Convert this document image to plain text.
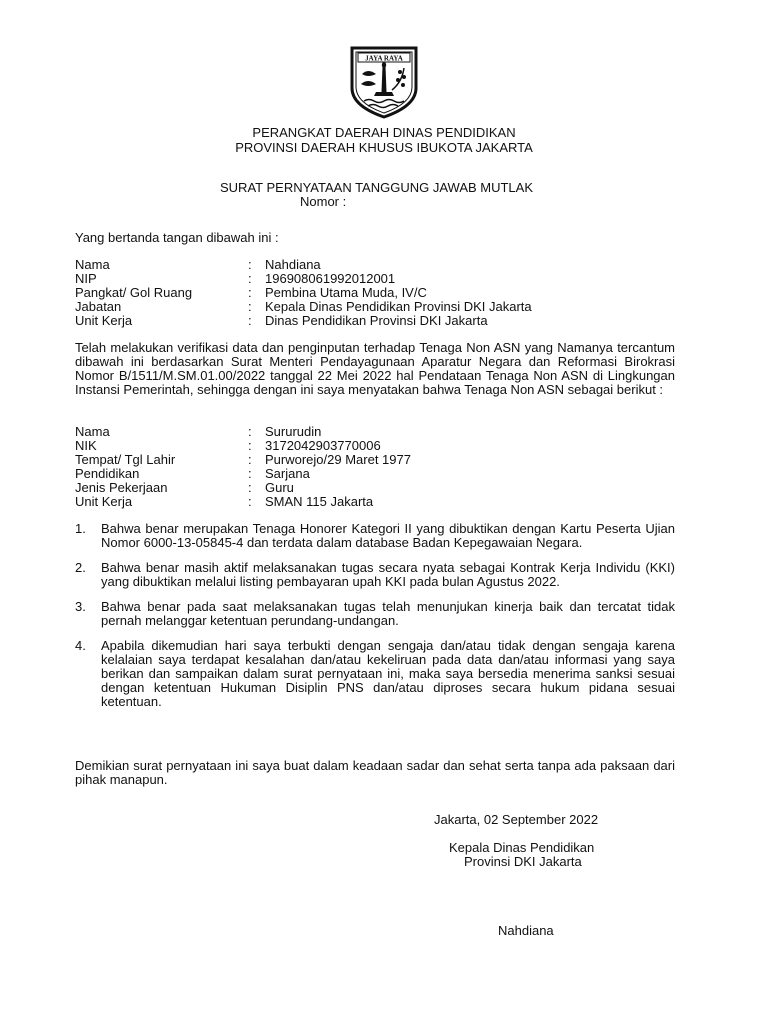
JAYA RAYA
PERANGKAT DAERAH DINAS PENDIDIKAN
PROVINSI DAERAH KHUSUS IBUKOTA JAKARTA
SURAT PERNYATAAN TANGGUNG JAWAB MUTLAK
Nomor :
Yang bertanda tangan dibawah ini :
Nama	:	Nahdiana
NIP	:	196908061992012001
Pangkat/ Gol Ruang	:	Pembina Utama Muda, IV/C
Jabatan	:	Kepala Dinas Pendidikan Provinsi DKI Jakarta
Unit Kerja	:	Dinas Pendidikan Provinsi DKI Jakarta
Telah melakukan verifikasi data dan penginputan terhadap Tenaga Non ASN yang Namanya tercantum dibawah ini berdasarkan Surat Menteri Pendayagunaan Aparatur Negara dan Reformasi Birokrasi Nomor B/1511/M.SM.01.00/2022 tanggal 22 Mei 2022 hal Pendataan Tenaga Non ASN di Lingkungan Instansi Pemerintah, sehingga dengan ini saya menyatakan bahwa Tenaga Non ASN sebagai berikut :
Nama	:	Sururudin
NIK	:	3172042903770006
Tempat/ Tgl Lahir	:	Purworejo/29 Maret 1977
Pendidikan	:	Sarjana
Jenis Pekerjaan	:	Guru
Unit Kerja	:	SMAN 115 Jakarta
1.	Bahwa benar merupakan Tenaga Honorer Kategori II yang dibuktikan dengan Kartu Peserta Ujian Nomor 6000-13-05845-4 dan terdata dalam database Badan Kepegawaian Negara.
2.	Bahwa benar masih aktif melaksanakan tugas secara nyata sebagai Kontrak Kerja Individu (KKI) yang dibuktikan melalui listing pembayaran upah KKI pada bulan Agustus 2022.
3.	Bahwa benar pada saat melaksanakan tugas telah menunjukan kinerja baik dan tercatat tidak pernah melanggar ketentuan perundang-undangan.
4.	Apabila dikemudian hari saya terbukti dengan sengaja dan/atau tidak dengan sengaja karena kelalaian saya terdapat kesalahan dan/atau kekeliruan pada data dan/atau informasi yang saya berikan dan sampaikan dalam surat pernyataan ini, maka saya bersedia menerima sanksi sesuai dengan ketentuan Hukuman Disiplin PNS dan/atau diproses secara hukum pidana sesuai ketentuan.
Demikian surat pernyataan ini saya buat dalam keadaan sadar dan sehat serta tanpa ada paksaan dari pihak manapun.
Jakarta, 02 September 2022
Kepala Dinas Pendidikan
Provinsi DKI Jakarta
Nahdiana
